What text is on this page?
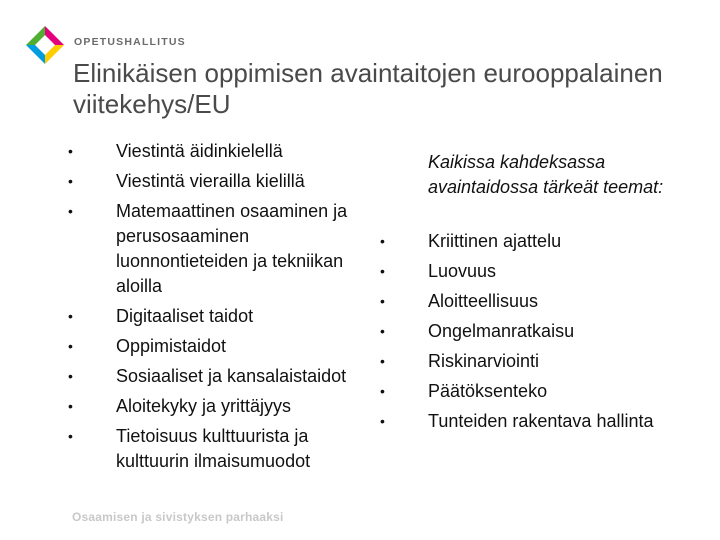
OPETUSHALLITUS
Elinikäisen oppimisen avaintaitojen eurooppalainen viitekehys/EU
• Viestintä äidinkielellä
• Viestintä vierailla kielillä
• Matemaattinen osaaminen ja perusosaaminen luonnontieteiden ja tekniikan aloilla
• Digitaaliset taidot
• Oppimistaidot
• Sosiaaliset ja kansalaistaidot
• Aloitekyky ja yrittäjyys
• Tietoisuus kulttuurista ja kulttuurin ilmaisumuodot
Kaikissa kahdeksassa avaintaidossa tärkeät teemat:
• Kriittinen ajattelu
• Luovuus
• Aloitteellisuus
• Ongelmanratkaisu
• Riskinarviointi
• Päätöksenteko
• Tunteiden rakentava hallinta
Osaamisen ja sivistyksen parhaaksi
